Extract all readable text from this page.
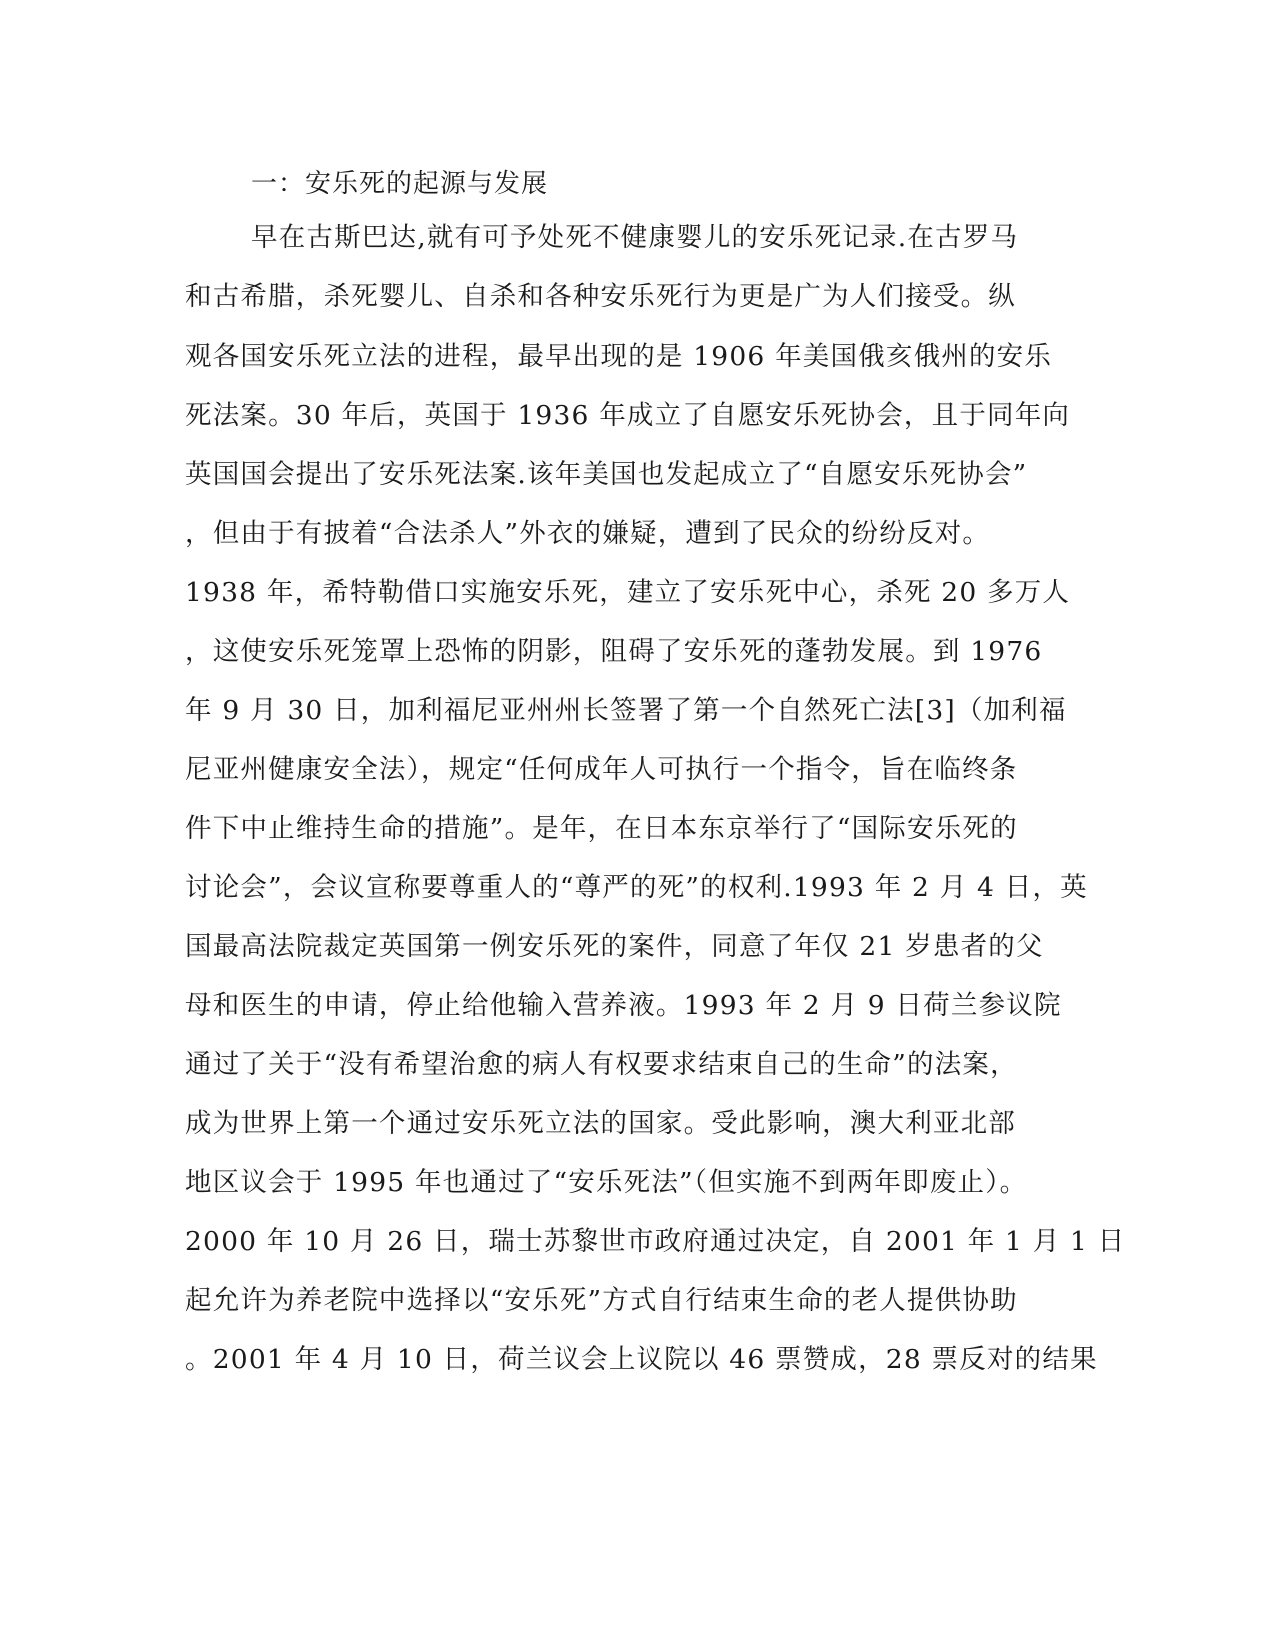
一：安乐死的起源与发展
早在古斯巴达,就有可予处死不健康婴儿的安乐死记录.在古罗马
和古希腊，杀死婴儿、自杀和各种安乐死行为更是广为人们接受。纵
观各国安乐死立法的进程，最早出现的是 1906 年美国俄亥俄州的安乐
死法案。30 年后，英国于 1936 年成立了自愿安乐死协会，且于同年向
英国国会提出了安乐死法案.该年美国也发起成立了“自愿安乐死协会”
，但由于有披着“合法杀人”外衣的嫌疑，遭到了民众的纷纷反对。
1938 年，希特勒借口实施安乐死，建立了安乐死中心，杀死 20 多万人
，这使安乐死笼罩上恐怖的阴影，阻碍了安乐死的蓬勃发展。到 1976
年 9 月 30 日，加利福尼亚州州长签署了第一个自然死亡法[3]（加利福
尼亚州健康安全法），规定“任何成年人可执行一个指令，旨在临终条
件下中止维持生命的措施”。是年，在日本东京举行了“国际安乐死的
讨论会”，会议宣称要尊重人的“尊严的死”的权利.1993 年 2 月 4 日，英
国最高法院裁定英国第一例安乐死的案件，同意了年仅 21 岁患者的父
母和医生的申请，停止给他输入营养液。1993 年 2 月 9 日荷兰参议院
通过了关于“没有希望治愈的病人有权要求结束自己的生命”的法案，
成为世界上第一个通过安乐死立法的国家。受此影响，澳大利亚北部
地区议会于 1995 年也通过了“安乐死法”（但实施不到两年即废止）。
2000 年 10 月 26 日，瑞士苏黎世市政府通过决定，自 2001 年 1 月 1 日
起允许为养老院中选择以“安乐死”方式自行结束生命的老人提供协助
。2001 年 4 月 10 日，荷兰议会上议院以 46 票赞成，28 票反对的结果
